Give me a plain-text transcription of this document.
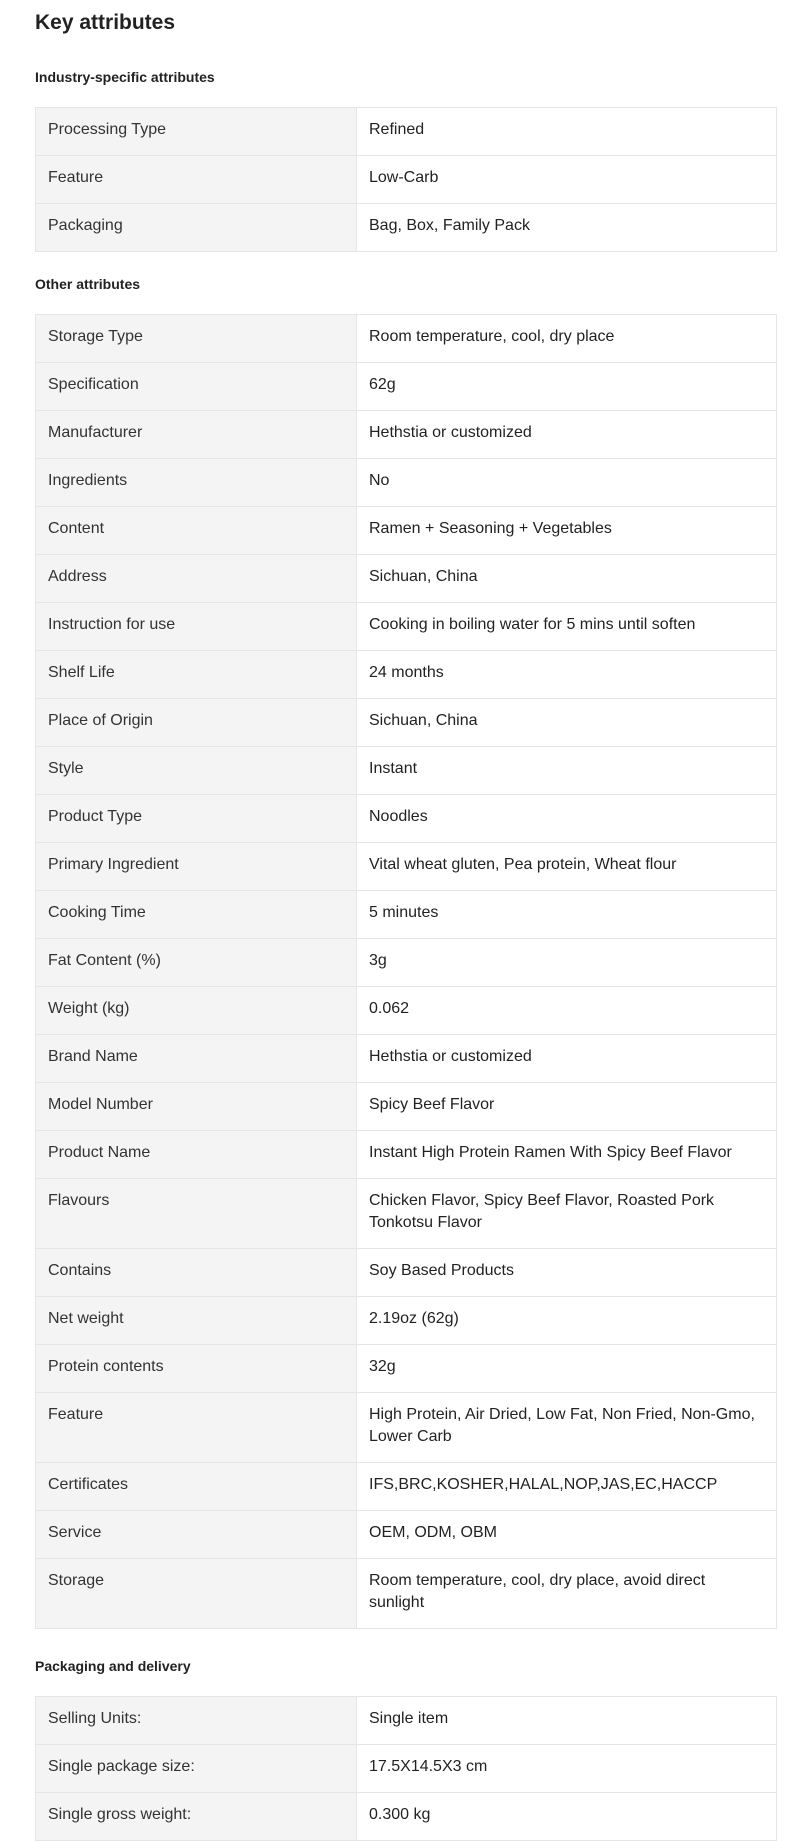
Key attributes
Industry-specific attributes
Processing Type	Refined
Feature	Low-Carb
Packaging	Bag, Box, Family Pack
Other attributes
Storage Type	Room temperature, cool, dry place
Specification	62g
Manufacturer	Hethstia or customized
Ingredients	No
Content	Ramen + Seasoning + Vegetables
Address	Sichuan, China
Instruction for use	Cooking in boiling water for 5 mins until soften
Shelf Life	24 months
Place of Origin	Sichuan, China
Style	Instant
Product Type	Noodles
Primary Ingredient	Vital wheat gluten, Pea protein, Wheat flour
Cooking Time	5 minutes
Fat Content (%)	3g
Weight (kg)	0.062
Brand Name	Hethstia or customized
Model Number	Spicy Beef Flavor
Product Name	Instant High Protein Ramen With Spicy Beef Flavor
Flavours	Chicken Flavor, Spicy Beef Flavor, Roasted Pork Tonkotsu Flavor
Contains	Soy Based Products
Net weight	2.19oz (62g)
Protein contents	32g
Feature	High Protein, Air Dried, Low Fat, Non Fried, Non-Gmo, Lower Carb
Certificates	IFS,BRC,KOSHER,HALAL,NOP,JAS,EC,HACCP
Service	OEM, ODM, OBM
Storage	Room temperature, cool, dry place, avoid direct sunlight
Packaging and delivery
Selling Units:	Single item
Single package size:	17.5X14.5X3 cm
Single gross weight:	0.300 kg
